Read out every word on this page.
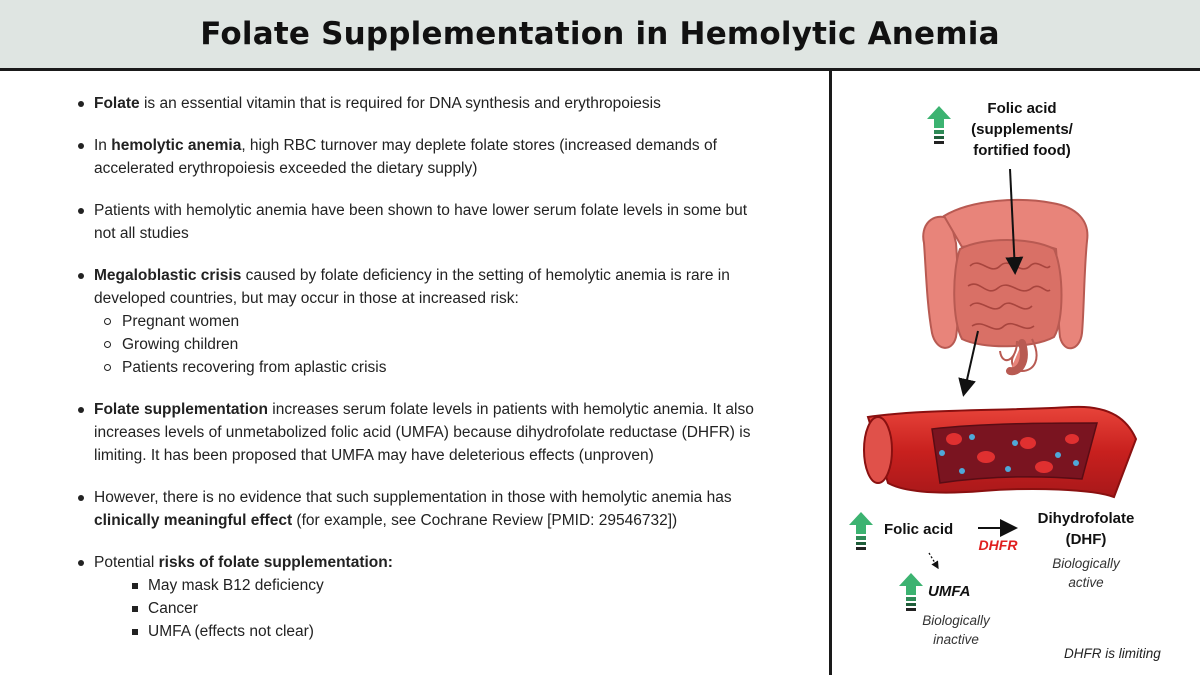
Folate Supplementation in Hemolytic Anemia
Folate is an essential vitamin that is required for DNA synthesis and erythropoiesis
In hemolytic anemia, high RBC turnover may deplete folate stores (increased demands of accelerated erythropoiesis exceeded the dietary supply)
Patients with hemolytic anemia have been shown to have lower serum folate levels in some but not all studies
Megaloblastic crisis caused by folate deficiency in the setting of hemolytic anemia is rare in developed countries, but may occur in those at increased risk:
Pregnant women
Growing children
Patients recovering from aplastic crisis
Folate supplementation increases serum folate levels in patients with hemolytic anemia. It also increases levels of unmetabolized folic acid (UMFA) because dihydrofolate reductase (DHFR) is limiting. It has been proposed that UMFA may have deleterious effects (unproven)
However, there is no evidence that such supplementation in those with hemolytic anemia has clinically meaningful effect (for example, see Cochrane Review [PMID: 29546732])
Potential risks of folate supplementation:
May mask B12 deficiency
Cancer
UMFA (effects not clear)
Folic acid
(supplements/
fortified food)
Folic acid
DHFR
Dihydrofolate
(DHF)
Biologically
active
UMFA
Biologically
inactive
DHFR is limiting
